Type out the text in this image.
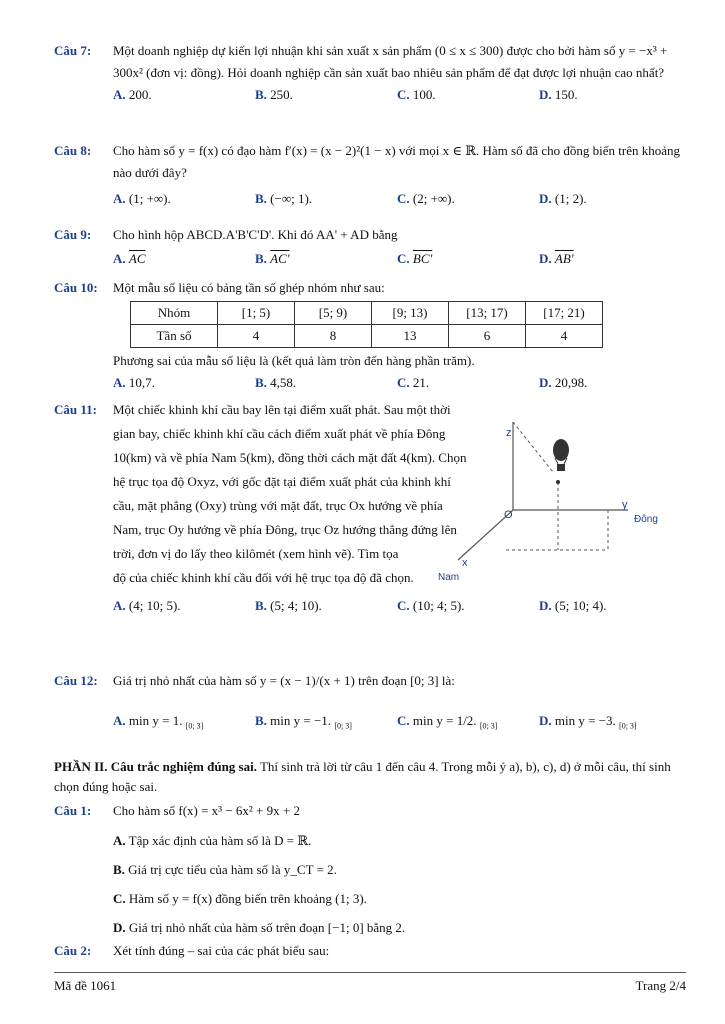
Câu 7: Một doanh nghiệp dự kiến lợi nhuận khi sản xuất x sản phẩm (0 ≤ x ≤ 300) được cho bởi hàm số y = −x³ + 300x² (đơn vị: đồng). Hỏi doanh nghiệp cần sản xuất bao nhiêu sản phẩm để đạt được lợi nhuận cao nhất?
A. 200.	B. 250.	C. 100.	D. 150.
Câu 8: Cho hàm số y = f(x) có đạo hàm f′(x) = (x − 2)²(1 − x) với mọi x ∈ ℝ. Hàm số đã cho đồng biến trên khoảng nào dưới đây?
A. (1; +∞).	B. (−∞; 1).	C. (2; +∞).	D. (1; 2).
Câu 9: Cho hình hộp ABCD.A'B'C'D'. Khi đó AA' + AD bằng
A. $\overline{AC}$	B. AC'	C. BC'	D. AB'
Câu 10: Một mẫu số liệu có bảng tần số ghép nhóm như sau:
Nhóm	[1; 5)	[5; 9)	[9; 13)	[13; 17)	[17; 21)
Tần số	4	8	13	6	4
Phương sai của mẫu số liệu là (kết quả làm tròn đến hàng phần trăm).
A. 10,7.	B. 4,58.	C. 21.	D. 20,98.
Câu 11: Một chiếc khinh khí cầu bay lên tại điểm xuất phát. Sau một thời gian bay, chiếc khinh khí cầu cách điểm xuất phát về phía Đông 10(km) và về phía Nam 5(km), đồng thời cách mặt đất 4(km). Chọn hệ trục tọa độ Oxyz, với gốc đặt tại điểm xuất phát của khinh khí cầu, mặt phẳng (Oxy) trùng với mặt đất, trục Ox hướng về phía Nam, trục Oy hướng về phía Đông, trục Oz hướng thẳng đứng lên trời, đơn vị đo lấy theo kilômét (xem hình vẽ). Tìm tọa
độ của chiếc khinh khí cầu đối với hệ trục tọa độ đã chọn.
A. (4; 10; 5).	B. (5; 4; 10).	C. (10; 4; 5).	D. (5; 10; 4).
z
O
y
Đông
x
Nam
Câu 12: Giá trị nhỏ nhất của hàm số y = (x − 1)/(x + 1) trên đoạn [0; 3] là:
A. min y = 1. $_{[0; 3]}$	B. min y = −1. $_{[0; 3]}$	C. min y = 1/2. $_{[0; 3]}$	D. min y = −3. $_{[0; 3]}$
PHẦN II. Câu trắc nghiệm đúng sai. Thí sinh trả lời từ câu 1 đến câu 4. Trong mỗi ý a), b), c), d) ở mỗi câu, thí sinh chọn đúng hoặc sai.
Câu 1: Cho hàm số f(x) = x³ − 6x² + 9x + 2
A. Tập xác định của hàm số là D = ℝ.
B. Giá trị cực tiểu của hàm số là y_CT = 2.
C. Hàm số y = f(x) đồng biến trên khoảng (1; 3).
D. Giá trị nhỏ nhất của hàm số trên đoạn [−1; 0] bằng 2.
Câu 2: Xét tính đúng – sai của các phát biểu sau:
Mã đề 1061	Trang 2/4
